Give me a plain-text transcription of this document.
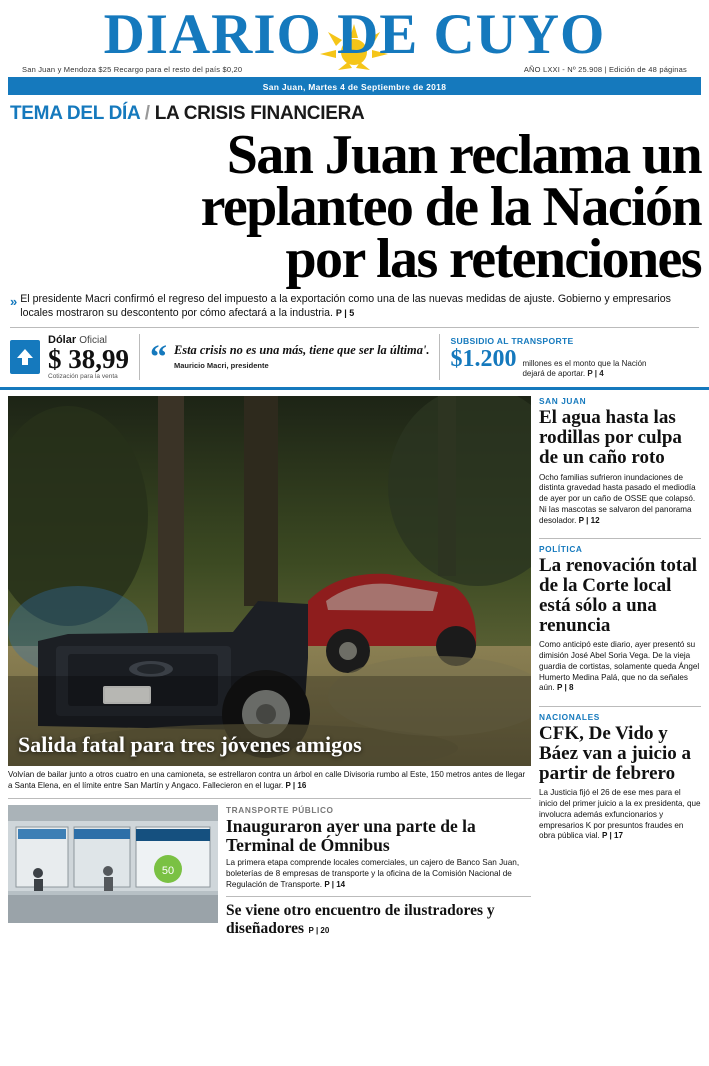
DIARIO DE CUYO
San Juan y Mendoza $25 Recargo para el resto del país $0,20	AÑO LXXI - Nº 25.908 | Edición de 48 páginas
San Juan, Martes 4 de Septiembre de 2018
TEMA DEL DÍA / LA CRISIS FINANCIERA
San Juan reclama un
replanteo de la Nación
por las retenciones
» El presidente Macri confirmó el regreso del impuesto a la exportación como una de las nuevas medidas de ajuste. Gobierno y empresarios locales mostraron su descontento por cómo afectará a la industria. P | 5
Dólar Oficial
$ 38,99
Cotización para la venta
“ Esta crisis no es una más, tiene que ser la última'.
Mauricio Macri, presidente
SUBSIDIO AL TRANSPORTE
$1.200 millones es el monto que la Nación dejará de aportar. P | 4
Salida fatal para tres jóvenes amigos
Volvían de bailar junto a otros cuatro en una camioneta, se estrellaron contra un árbol en calle Divisoria rumbo al Este, 150 metros antes de llegar a Santa Elena, en el límite entre San Martín y Angaco. Fallecieron en el lugar. P | 16
50
TRANSPORTE PÚBLICO
Inauguraron ayer una parte de la Terminal de Ómnibus
La primera etapa comprende locales comerciales, un cajero de Banco San Juan, boleterías de 8 empresas de transporte y la oficina de la Comisión Nacional de Regulación de Transporte. P | 14
Se viene otro encuentro de ilustradores y diseñadores P | 20
SAN JUAN
El agua hasta las rodillas por culpa de un caño roto
Ocho familias sufrieron inundaciones de distinta gravedad hasta pasado el mediodía de ayer por un caño de OSSE que colapsó. Ni las mascotas se salvaron del panorama desolador. P | 12
POLÍTICA
La renovación total de la Corte local está sólo a una renuncia
Como anticipó este diario, ayer presentó su dimisión José Abel Soria Vega. De la vieja guardia de cortistas, solamente queda Ángel Humerto Medina Palá, que no da señales aún. P | 8
NACIONALES
CFK, De Vido y Báez van a juicio a partir de febrero
La Justicia fijó el 26 de ese mes para el inicio del primer juicio a la ex presidenta, que involucra además exfuncionarios y empresarios K por presuntos fraudes en obra pública vial. P | 17
